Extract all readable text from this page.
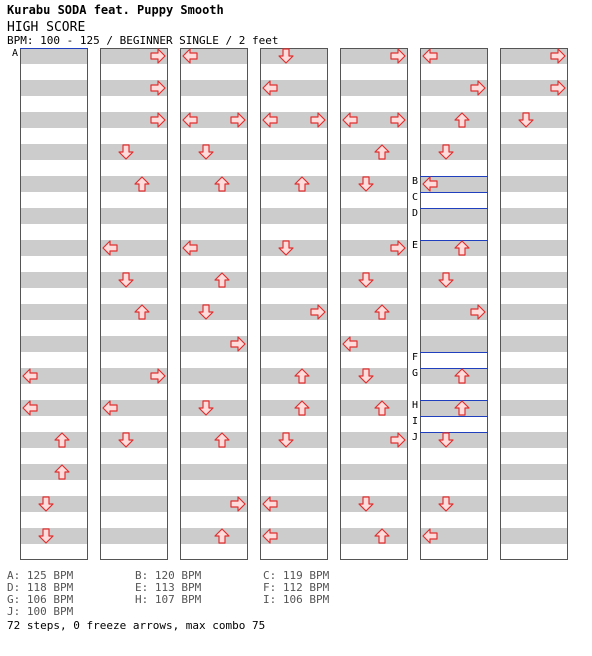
Kurabu SODA feat. Puppy Smooth
HIGH SCORE
BPM: 100 - 125 / BEGINNER SINGLE / 2 feet
A
B
C
D
E
F
G
H
I
J
A: 125 BPM	B: 120 BPM	C: 119 BPM
D: 118 BPM	E: 113 BPM	F: 112 BPM
G: 106 BPM	H: 107 BPM	I: 106 BPM
J: 100 BPM
72 steps, 0 freeze arrows, max combo 75
